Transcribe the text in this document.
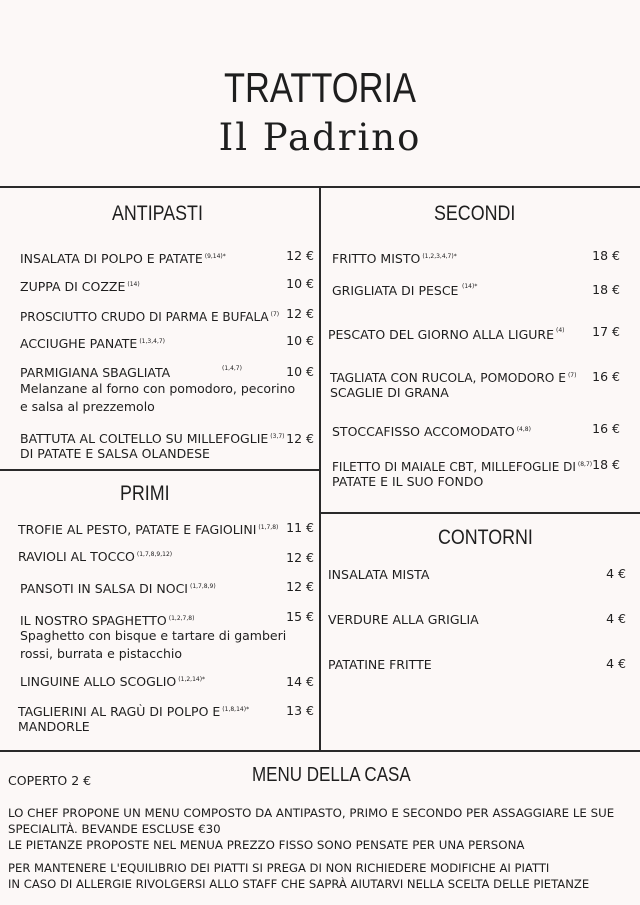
TRATTORIA
Il Padrino
ANTIPASTI
INSALATA DI POLPO E PATATE $^{(9,14)*}$	12 €
ZUPPA DI COZZE $^{(14)}$	10 €
PROSCIUTTO CRUDO DI PARMA E BUFALA $^{(7)}$ 12 €
ACCIUGHE PANATE $^{(1,3,4,7)}$	10 €
PARMIGIANA SBAGLIATA	$^{(1,4,7)}$	10 €
Melanzane al forno con pomodoro, pecorino
e salsa al prezzemolo
BATTUTA AL COLTELLO SU MILLEFOGLIE $^{(3,7)}$
DI PATATE E SALSA OLANDESE
12 €
PRIMI
TROFIE AL PESTO, PATATE E FAGIOLINI $^{(1,7,8)}$ 11 €
RAVIOLI AL TOCCO $^{(1,7,8,9,12)}$	12 €
PANSOTI IN SALSA DI NOCI $^{(1,7,8,9)}$	12 €
IL NOSTRO SPAGHETTO $^{(1,2,7,8)}$	15 €
Spaghetto con bisque e tartare di gamberi
rossi, burrata e pistacchio
LINGUINE ALLO SCOGLIO $^{(1,2,14)*}$	14 €
TAGLIERINI AL RAGÙ DI POLPO E $^{(1,8,14)*}$
MANDORLE
13 €
SECONDI
FRITTO MISTO $^{(1,2,3,4,7)*}$	18 €
GRIGLIATA DI PESCE $^{(14)*}$	18 €
PESCATO DEL GIORNO ALLA LIGURE $^{(4)}$	17 €
TAGLIATA CON RUCOLA, POMODORO E $^{(7)}$
SCAGLIE DI GRANA
16 €
STOCCAFISSO ACCOMODATO $^{(4,8)}$	16 €
FILETTO DI MAIALE CBT, MILLEFOGLIE DI $^{(8,7)}$
PATATE E IL SUO FONDO
18 €
CONTORNI
INSALATA MISTA	4 €
VERDURE ALLA GRIGLIA	4 €
PATATINE FRITTE	4 €
COPERTO 2 €	MENU DELLA CASA
LO CHEF PROPONE UN MENU COMPOSTO DA ANTIPASTO, PRIMO E SECONDO PER ASSAGGIARE LE SUE
SPECIALITÀ. BEVANDE ESCLUSE €30
LE PIETANZE PROPOSTE NEL MENUA PREZZO FISSO SONO PENSATE PER UNA PERSONA
PER MANTENERE L'EQUILIBRIO DEI PIATTI SI PREGA DI NON RICHIEDERE MODIFICHE AI PIATTI
IN CASO DI ALLERGIE RIVOLGERSI ALLO STAFF CHE SAPRÀ AIUTARVI NELLA SCELTA DELLE PIETANZE
